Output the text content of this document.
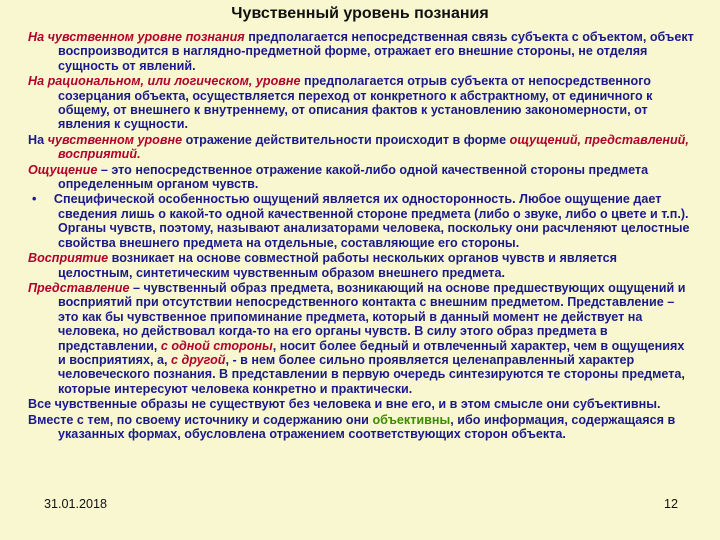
Чувственный уровень познания

На чувственном уровне познания предполагается непосредственная связь субъекта с объектом, объект воспроизводится в наглядно-предметной форме, отражает его внешние стороны, не отделяя сущность от явлений.

На рациональном, или логическом, уровне предполагается отрыв субъекта от непосредственного созерцания объекта, осуществляется переход от конкретного к абстрактному, от единичного к общему, от внешнего к внутреннему, от описания фактов к установлению закономерности, от явления к сущности.

На чувственном уровне отражение действительности происходит в форме ощущений, представлений, восприятий.

Ощущение – это непосредственное отражение какой-либо одной качественной стороны предмета определенным органом чувств.

• Специфической особенностью ощущений является их односторонность. Любое ощущение дает сведения лишь о какой-то одной качественной стороне предмета (либо о звуке, либо о цвете и т.п.). Органы чувств, поэтому, называют анализаторами человека, поскольку они расчленяют целостные свойства внешнего предмета на отдельные, составляющие его стороны.

Восприятие возникает на основе совместной работы нескольких органов чувств и является целостным, синтетическим чувственным образом внешнего предмета.

Представление – чувственный образ предмета, возникающий на основе предшествующих ощущений и восприятий при отсутствии непосредственного контакта с внешним предметом. Представление – это как бы чувственное припоминание предмета, который в данный момент не действует на человека, но действовал когда-то на его органы чувств. В силу этого образ предмета в представлении, с одной стороны, носит более бедный и отвлеченный характер, чем в ощущениях и восприятиях, а, с другой, - в нем более сильно проявляется целенаправленный характер человеческого познания. В представлении в первую очередь синтезируются те стороны предмета, которые интересуют человека конкретно и практически.

Все чувственные образы не существуют без человека и вне его, и в этом смысле они субъективны.

Вместе с тем, по своему источнику и содержанию они объективны, ибо информация, содержащаяся в указанных формах, обусловлена отражением соответствующих сторон объекта.

31.01.2018	12
